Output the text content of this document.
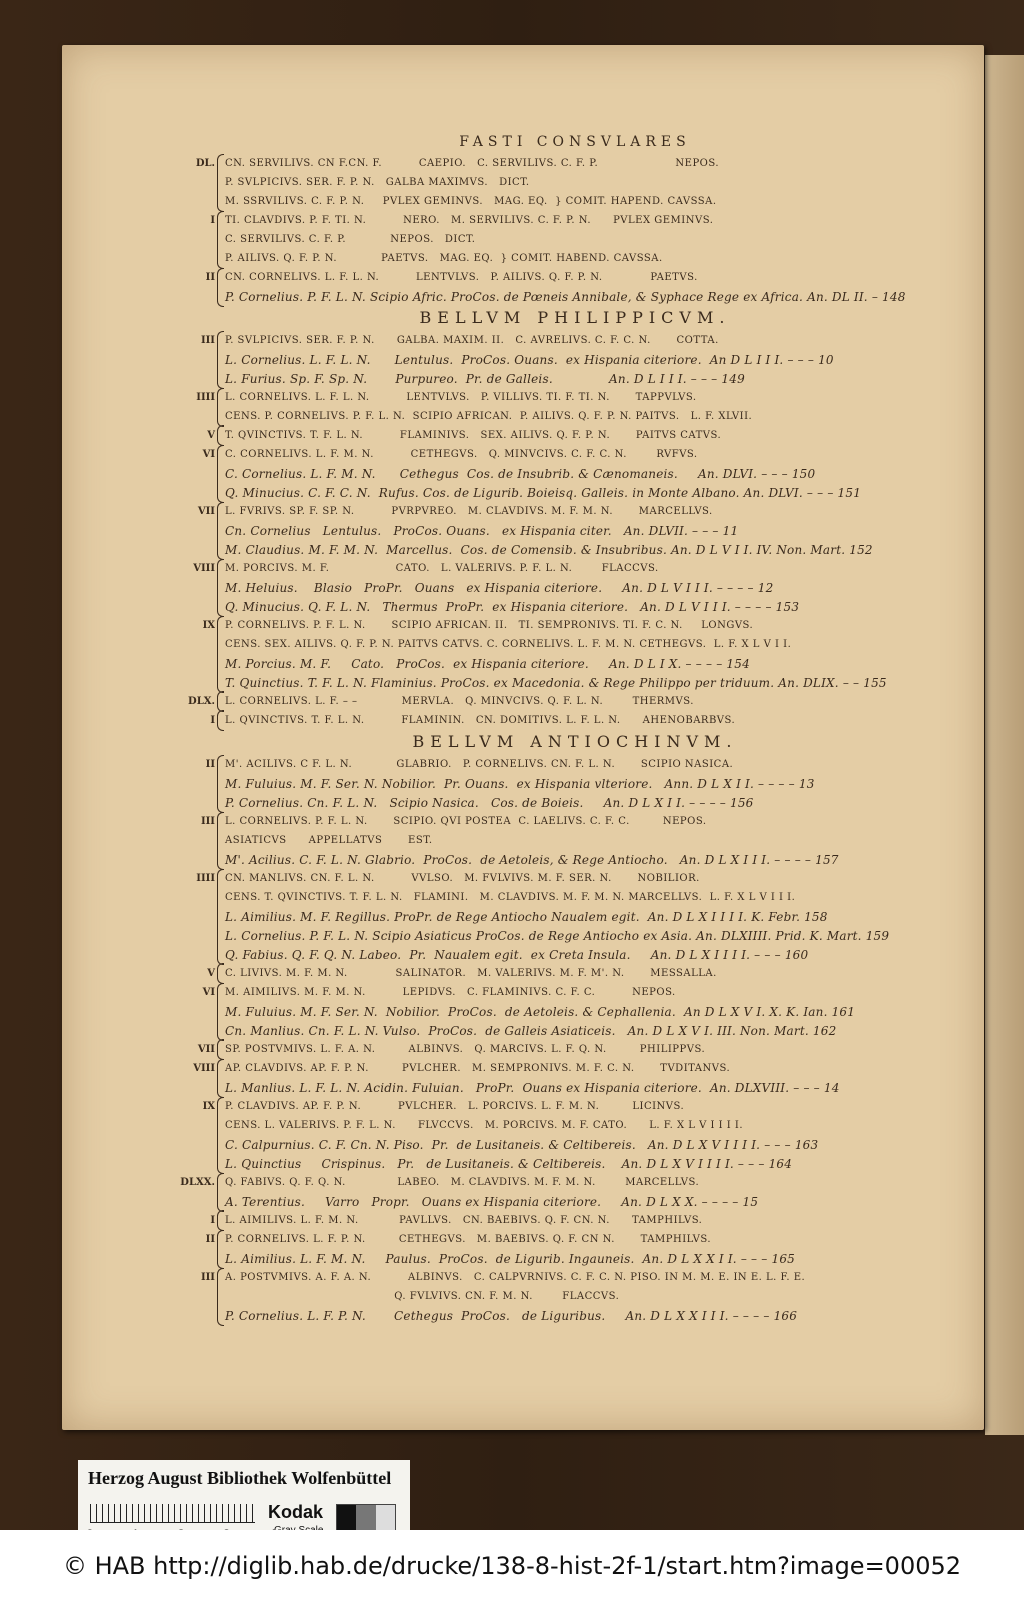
FASTI CONSVLARES
DL. CN. SERVILIVS. CN F.CN. F.          CAEPIO.   C. SERVILIVS. C. F. P.                     NEPOS.
P. SVLPICIVS. SER. F. P. N.   GALBA MAXIMVS.   DICT.
M. SSRVILIVS. C. F. P. N.     PVLEX GEMINVS.   MAG. EQ.  } COMIT. HAPEND. CAVSSA.
I TI. CLAVDIVS. P. F. TI. N.          NERO.   M. SERVILIVS. C. F. P. N.      PVLEX GEMINVS.
C. SERVILIVS. C. F. P.            NEPOS.   DICT.
P. AILIVS. Q. F. P. N.            PAETVS.   MAG. EQ.  } COMIT. HABEND. CAVSSA.
II CN. CORNELIVS. L. F. L. N.          LENTVLVS.   P. AILIVS. Q. F. P. N.             PAETVS.
P. Cornelius. P. F. L. N. Scipio Afric. ProCos. de Pœneis Annibale, & Syphace Rege ex Africa. An. DL II. – 148
BELLVM PHILIPPICVM.
III P. SVLPICIVS. SER. F. P. N.      GALBA. MAXIM. II.   C. AVRELIVS. C. F. C. N.       COTTA.
L. Cornelius. L. F. L. N.      Lentulus.  ProCos. Ouans.  ex Hispania citeriore.  An D L I I I. – – – 10
L. Furius. Sp. F. Sp. N.       Purpureo.  Pr. de Galleis.              An. D L I I I. – – – 149
IIII L. CORNELIVS. L. F. L. N.          LENTVLVS.   P. VILLIVS. TI. F. TI. N.       TAPPVLVS.
CENS. P. CORNELIVS. P. F. L. N.  SCIPIO AFRICAN.  P. AILIVS. Q. F. P. N. PAITVS.   L. F. XLVII.
V T. QVINCTIVS. T. F. L. N.          FLAMINIVS.   SEX. AILIVS. Q. F. P. N.       PAITVS CATVS.
VI C. CORNELIVS. L. F. M. N.          CETHEGVS.   Q. MINVCIVS. C. F. C. N.        RVFVS.
C. Cornelius. L. F. M. N.      Cethegus  Cos. de Insubrib. & Cænomaneis.     An. DLVI. – – – 150
Q. Minucius. C. F. C. N.  Rufus. Cos. de Ligurib. Boieisq. Galleis. in Monte Albano. An. DLVI. – – – 151
VII L. FVRIVS. SP. F. SP. N.          PVRPVREO.   M. CLAVDIVS. M. F. M. N.       MARCELLVS.
Cn. Cornelius   Lentulus.   ProCos. Ouans.   ex Hispania citer.   An. DLVII. – – – 11
M. Claudius. M. F. M. N.  Marcellus.  Cos. de Comensib. & Insubribus. An. D L V I I. IV. Non. Mart. 152
VIII M. PORCIVS. M. F.                  CATO.   L. VALERIVS. P. F. L. N.        FLACCVS.
M. Heluius.    Blasio   ProPr.   Ouans   ex Hispania citeriore.     An. D L V I I I. – – – – 12
Q. Minucius. Q. F. L. N.   Thermus  ProPr.  ex Hispania citeriore.   An. D L V I I I. – – – – 153
IX P. CORNELIVS. P. F. L. N.       SCIPIO AFRICAN. II.   TI. SEMPRONIVS. TI. F. C. N.     LONGVS.
CENS. SEX. AILIVS. Q. F. P. N. PAITVS CATVS. C. CORNELIVS. L. F. M. N. CETHEGVS.  L. F. X L V I I.
M. Porcius. M. F.     Cato.   ProCos.  ex Hispania citeriore.     An. D L I X. – – – – 154
T. Quinctius. T. F. L. N. Flaminius. ProCos. ex Macedonia. & Rege Philippo per triduum. An. DLIX. – – 155
DLX. L. CORNELIVS. L. F. – –            MERVLA.   Q. MINVCIVS. Q. F. L. N.        THERMVS.
I L. QVINCTIVS. T. F. L. N.          FLAMININ.   CN. DOMITIVS. L. F. L. N.      AHENOBARBVS.
BELLVM ANTIOCHINVM.
II M'. ACILIVS. C F. L. N.            GLABRIO.   P. CORNELIVS. CN. F. L. N.       SCIPIO NASICA.
M. Fuluius. M. F. Ser. N. Nobilior.  Pr. Ouans.  ex Hispania vlteriore.   Ann. D L X I I. – – – – 13
P. Cornelius. Cn. F. L. N.   Scipio Nasica.   Cos. de Boieis.     An. D L X I I. – – – – 156
III L. CORNELIVS. P. F. L. N.       SCIPIO. QVI POSTEA  C. LAELIVS. C. F. C.         NEPOS.
ASIATICVS      APPELLATVS       EST.
M'. Acilius. C. F. L. N. Glabrio.  ProCos.  de Aetoleis, & Rege Antiocho.   An. D L X I I I. – – – – 157
IIII CN. MANLIVS. CN. F. L. N.          VVLSO.   M. FVLVIVS. M. F. SER. N.       NOBILIOR.
CENS. T. QVINCTIVS. T. F. L. N.   FLAMINI.   M. CLAVDIVS. M. F. M. N. MARCELLVS.  L. F. X L V I I I.
L. Aimilius. M. F. Regillus. ProPr. de Rege Antiocho Naualem egit.  An. D L X I I I I. K. Febr. 158
L. Cornelius. P. F. L. N. Scipio Asiaticus ProCos. de Rege Antiocho ex Asia. An. DLXIIII. Prid. K. Mart. 159
Q. Fabius. Q. F. Q. N. Labeo.  Pr.  Naualem egit.  ex Creta Insula.     An. D L X I I I I. – – – 160
V C. LIVIVS. M. F. M. N.             SALINATOR.   M. VALERIVS. M. F. M'. N.       MESSALLA.
VI M. AIMILIVS. M. F. M. N.          LEPIDVS.   C. FLAMINIVS. C. F. C.          NEPOS.
M. Fuluius. M. F. Ser. N.  Nobilior.  ProCos.  de Aetoleis. & Cephallenia.  An D L X V I. X. K. Ian. 161
Cn. Manlius. Cn. F. L. N. Vulso.  ProCos.  de Galleis Asiaticeis.   An. D L X V I. III. Non. Mart. 162
VII SP. POSTVMIVS. L. F. A. N.         ALBINVS.   Q. MARCIVS. L. F. Q. N.         PHILIPPVS.
VIII AP. CLAVDIVS. AP. F. P. N.         PVLCHER.   M. SEMPRONIVS. M. F. C. N.       TVDITANVS.
L. Manlius. L. F. L. N. Acidin. Fuluian.   ProPr.  Ouans ex Hispania citeriore.  An. DLXVIII. – – – 14
IX P. CLAVDIVS. AP. F. P. N.          PVLCHER.   L. PORCIVS. L. F. M. N.         LICINVS.
CENS. L. VALERIVS. P. F. L. N.      FLVCCVS.   M. PORCIVS. M. F. CATO.      L. F. X L V I I I I.
C. Calpurnius. C. F. Cn. N. Piso.  Pr.  de Lusitaneis. & Celtibereis.   An. D L X V I I I I. – – – 163
L. Quinctius     Crispinus.   Pr.   de Lusitaneis. & Celtibereis.    An. D L X V I I I I. – – – 164
DLXX. Q. FABIVS. Q. F. Q. N.              LABEO.   M. CLAVDIVS. M. F. M. N.        MARCELLVS.
A. Terentius.     Varro   Propr.   Ouans ex Hispania citeriore.     An. D L X X. – – – – 15
I L. AIMILIVS. L. F. M. N.           PAVLLVS.   CN. BAEBIVS. Q. F. CN. N.      TAMPHILVS.
II P. CORNELIVS. L. F. P. N.         CETHEGVS.   M. BAEBIVS. Q. F. CN N.       TAMPHILVS.
L. Aimilius. L. F. M. N.     Paulus.  ProCos.  de Ligurib. Ingauneis.  An. D L X X I I. – – – 165
III A. POSTVMIVS. A. F. A. N.          ALBINVS.   C. CALPVRNIVS. C. F. C. N. PISO. IN M. M. E. IN E. L. F. E.
Q. FVLVIVS. CN. F. M. N.        FLACCVS.
P. Cornelius. L. F. P. N.       Cethegus  ProCos.   de Liguribus.     An. D L X X I I I. – – – – 166
Herzog August Bibliothek Wolfenbüttel
Kodak
© HAB http://diglib.hab.de/drucke/138-8-hist-2f-1/start.htm?image=00052
